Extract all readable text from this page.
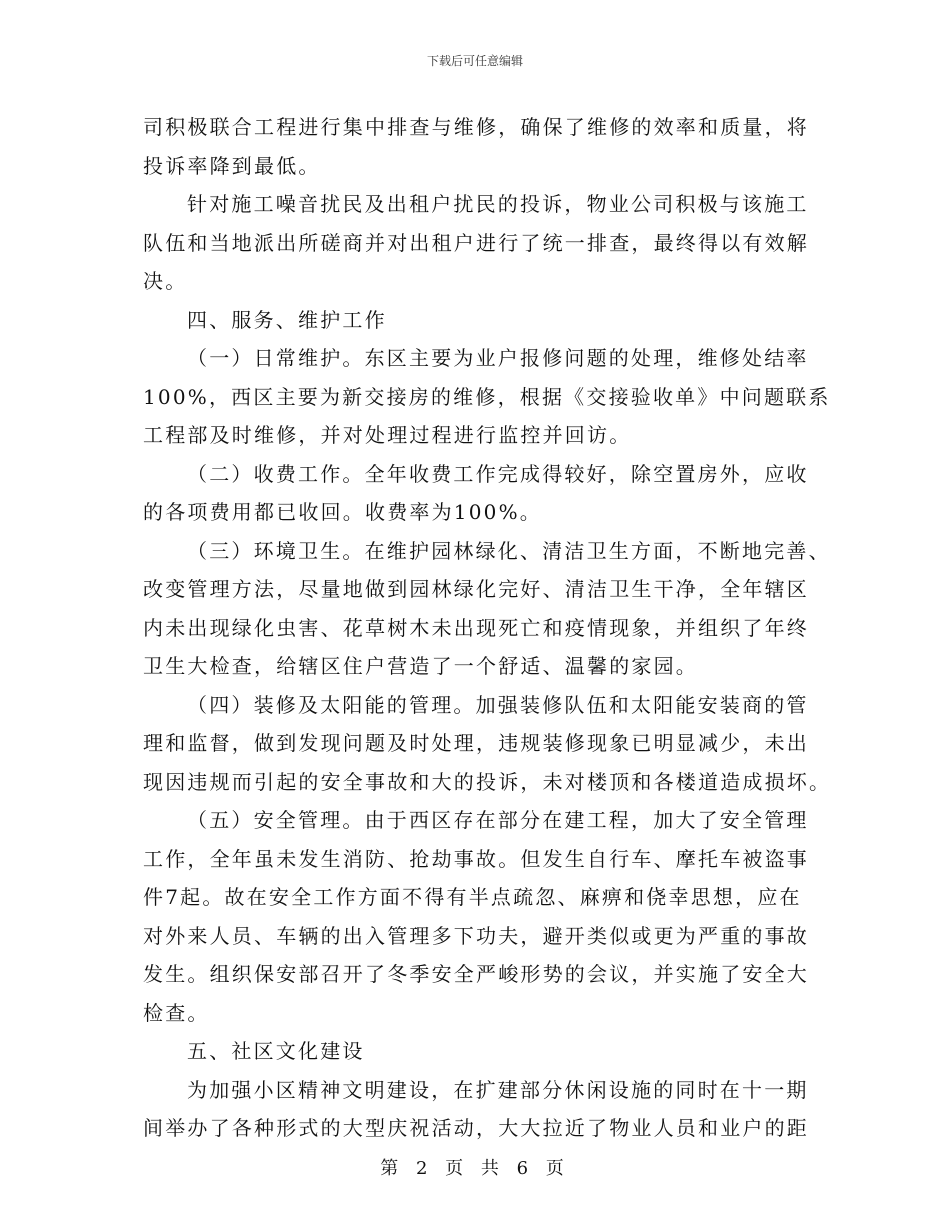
下载后可任意编辑
司积极联合工程进行集中排查与维修，确保了维修的效率和质量，将
投诉率降到最低。
针对施工噪音扰民及出租户扰民的投诉，物业公司积极与该施工
队伍和当地派出所磋商并对出租户进行了统一排查，最终得以有效解
决。
四、服务、维护工作
（一）日常维护。东区主要为业户报修问题的处理，维修处结率
100%，西区主要为新交接房的维修，根据《交接验收单》中问题联系
工程部及时维修，并对处理过程进行监控并回访。
（二）收费工作。全年收费工作完成得较好，除空置房外，应收
的各项费用都已收回。收费率为100%。
（三）环境卫生。在维护园林绿化、清洁卫生方面，不断地完善、
改变管理方法，尽量地做到园林绿化完好、清洁卫生干净，全年辖区
内未出现绿化虫害、花草树木未出现死亡和疫情现象，并组织了年终
卫生大检查，给辖区住户营造了一个舒适、温馨的家园。
（四）装修及太阳能的管理。加强装修队伍和太阳能安装商的管
理和监督，做到发现问题及时处理，违规装修现象已明显减少，未出
现因违规而引起的安全事故和大的投诉，未对楼顶和各楼道造成损坏。
（五）安全管理。由于西区存在部分在建工程，加大了安全管理
工作，全年虽未发生消防、抢劫事故。但发生自行车、摩托车被盗事
件7起。故在安全工作方面不得有半点疏忽、麻痹和侥幸思想，应在
对外来人员、车辆的出入管理多下功夫，避开类似或更为严重的事故
发生。组织保安部召开了冬季安全严峻形势的会议，并实施了安全大
检查。
五、社区文化建设
为加强小区精神文明建设，在扩建部分休闲设施的同时在十一期
间举办了各种形式的大型庆祝活动，大大拉近了物业人员和业户的距
第 2 页 共 6 页
